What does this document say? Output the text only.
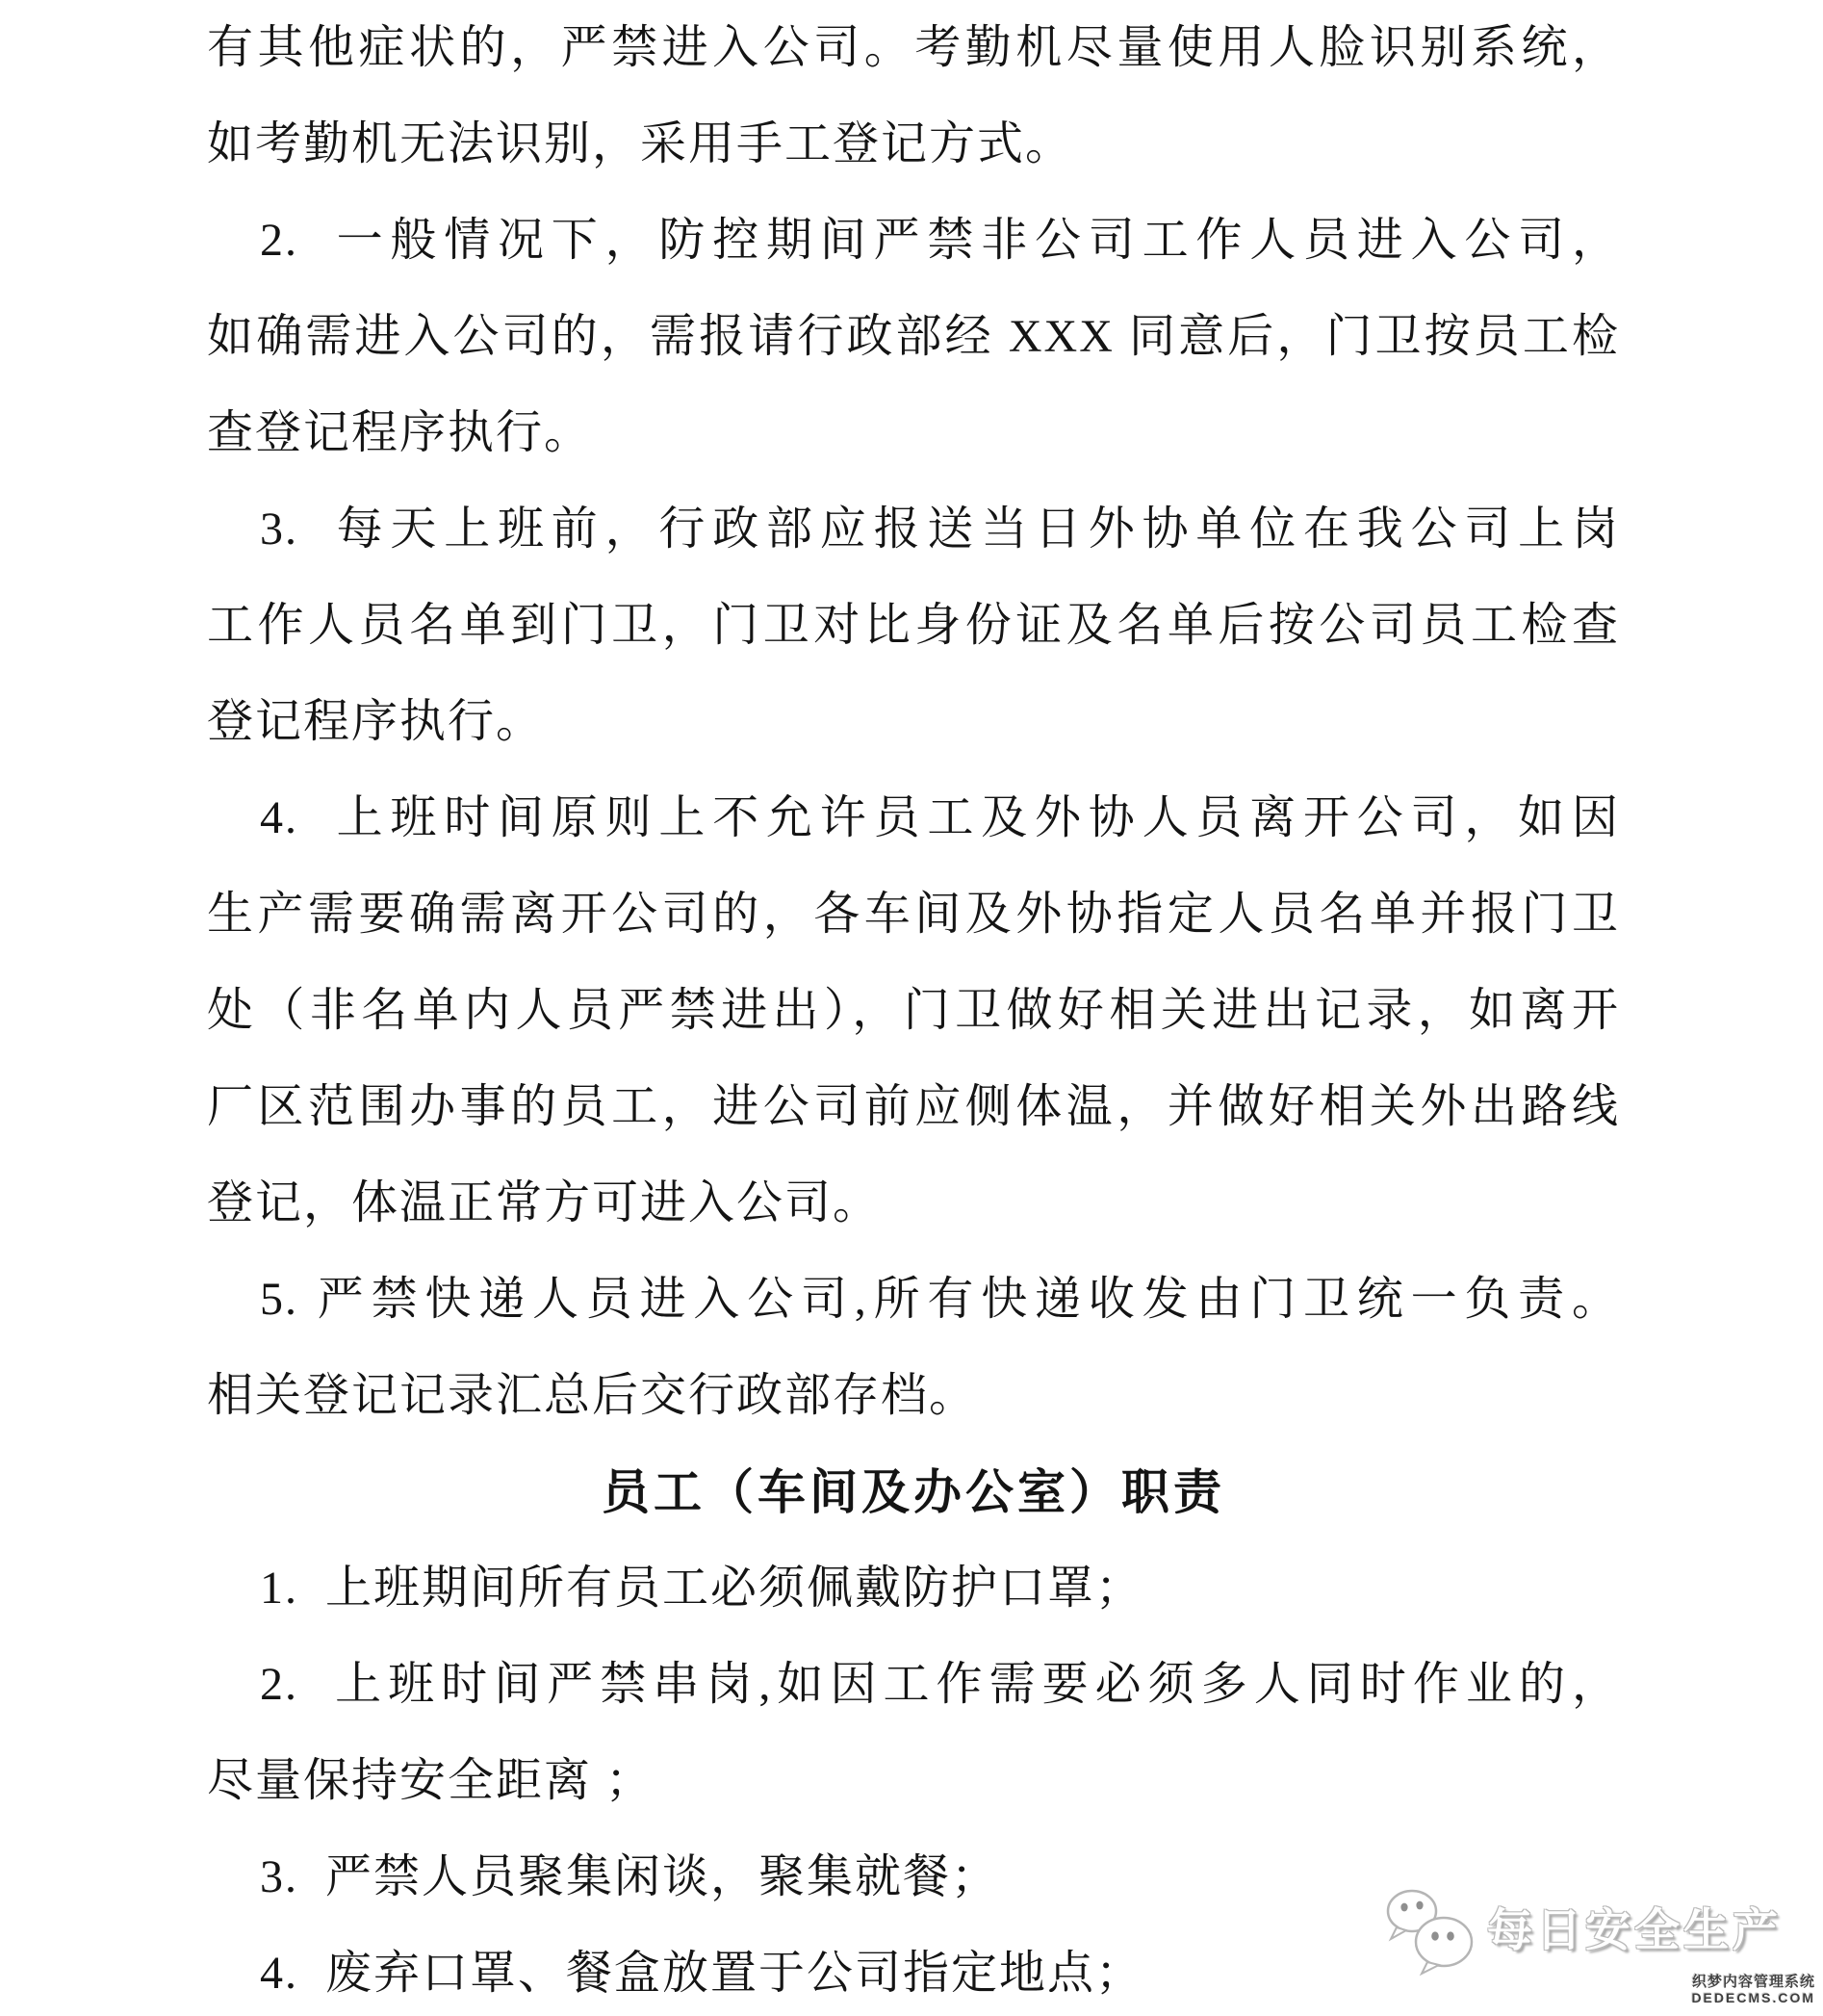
有其他症状的，严禁进入公司。考勤机尽量使用人脸识别系统，
如考勤机无法识别，采用手工登记方式。
2.  一般情况下，防控期间严禁非公司工作人员进入公司，
如确需进入公司的，需报请行政部经 XXX 同意后，门卫按员工检
查登记程序执行。
3.  每天上班前，行政部应报送当日外协单位在我公司上岗
工作人员名单到门卫，门卫对比身份证及名单后按公司员工检查
登记程序执行。
4.  上班时间原则上不允许员工及外协人员离开公司，如因
生产需要确需离开公司的，各车间及外协指定人员名单并报门卫
处（非名单内人员严禁进出），门卫做好相关进出记录，如离开
厂区范围办事的员工，进公司前应侧体温，并做好相关外出路线
登记，体温正常方可进入公司。
5. 严禁快递人员进入公司,所有快递收发由门卫统一负责。
相关登记记录汇总后交行政部存档。
员工（车间及办公室）职责
1.  上班期间所有员工必须佩戴防护口罩；
2.  上班时间严禁串岗,如因工作需要必须多人同时作业的，
尽量保持安全距离 ；
3.  严禁人员聚集闲谈，聚集就餐；
4.  废弃口罩、餐盒放置于公司指定地点；
每日安全生产
织梦内容管理系统
DEDECMS.COM
